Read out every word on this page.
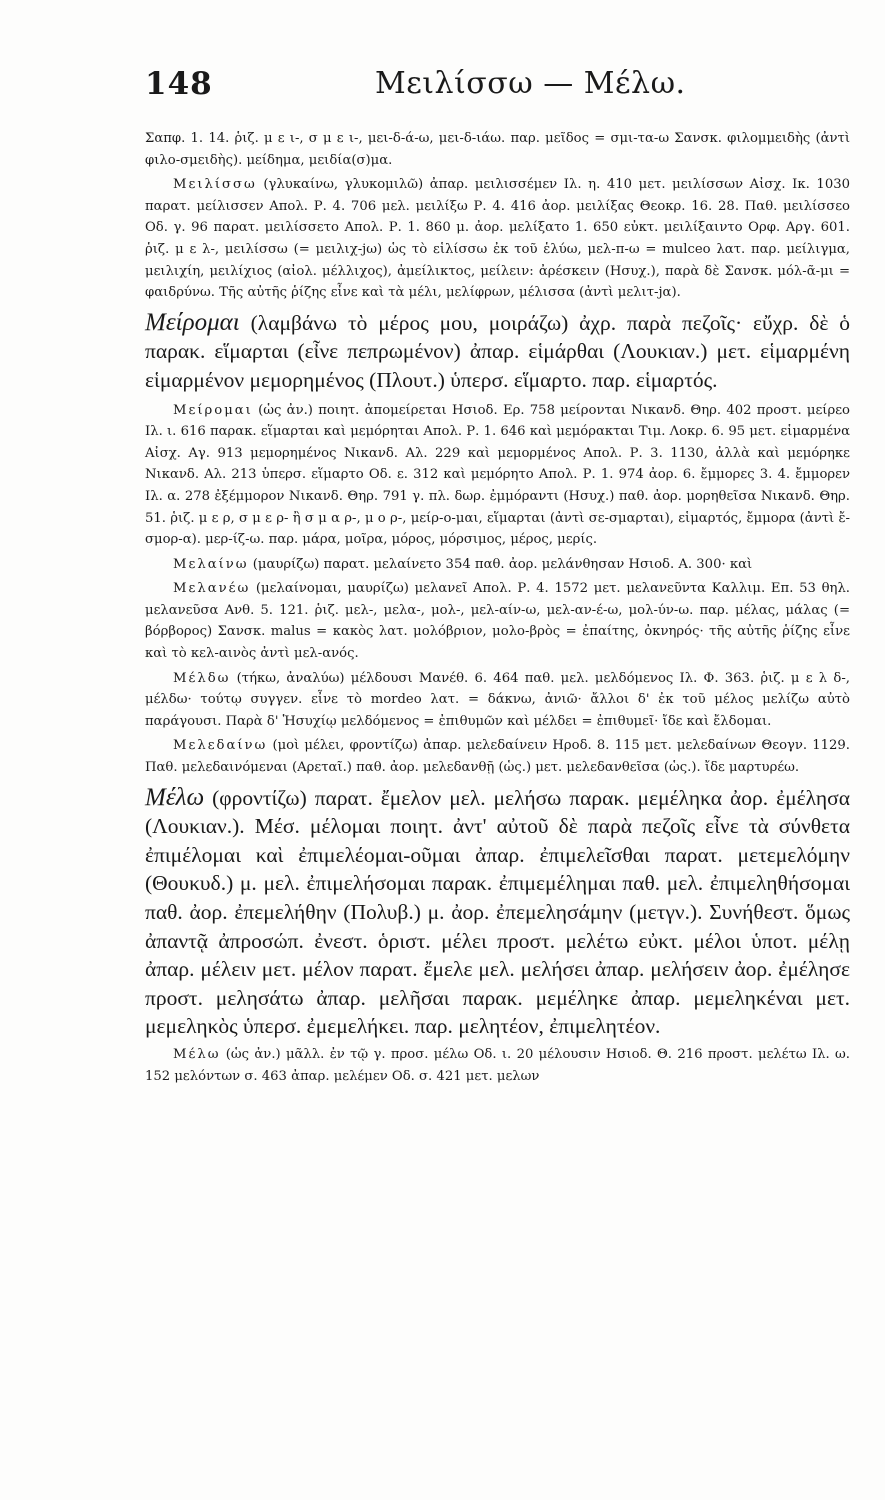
148	Μειλίσσω — Μέλω.

Σαπφ. 1. 14. ῥιζ. μ ε ι-, σ μ ε ι-, μει-δ-ά-ω, μει-δ-ιάω. παρ. μεῖδος = σμι-τα-ω Σανσκ. φιλομμειδὴς (ἀντὶ φιλο-σμειδὴς). μείδημα, μειδία(σ)μα.

Μειλίσσω (γλυκαίνω, γλυκομιλῶ) ἀπαρ. μειλισσέμεν Ιλ. η. 410 μετ. μειλίσσων Αἰσχ. Ικ. 1030 παρατ. μείλισσεν Απολ. Ρ. 4. 706 μελ. μειλίξω Ρ. 4. 416 ἀορ. μειλίξας Θεοκρ. 16. 28. Παθ. μειλίσσεο Οδ. γ. 96 παρατ. μειλίσσετο Απολ. Ρ. 1. 860 μ. ἀορ. μελίξατο 1. 650 εὐκτ. μειλίξαιντο Ορφ. Αργ. 601. ῥιζ. μ ε λ-, μειλίσσω (= μειλιχ-jω) ὡς τὸ εἱλίσσω ἐκ τοῦ ἑλύω, μελ-π-ω = mulceo λατ. παρ. μείλιγμα, μειλιχίη, μειλίχιος (αἰολ. μέλλιχος), ἀμείλικτος, μείλειν: ἀρέσκειν (Ησυχ.), παρὰ δὲ Σανσκ. μόλ-ᾶ-μι = φαιδρύνω. Τῆς αὐτῆς ῥίζης εἶνε καὶ τὰ μέλι, μελίφρων, μέλισσα (ἀντὶ μελιτ-jα).

Μείρομαι (λαμβάνω τὸ μέρος μου, μοιράζω) ἀχρ. παρὰ πεζοῖς· εὔχρ. δὲ ὁ παρακ. εἵμαρται (εἶνε πεπρωμένον) ἀπαρ. εἱμάρθαι (Λουκιαν.) μετ. εἱμαρμένη εἱμαρμένον μεμορημένος (Πλουτ.) ὑπερσ. εἵμαρτο. παρ. εἱμαρτός.

Μείρομαι (ὡς ἀν.) ποιητ. ἀπομείρεται Ησιοδ. Ερ. 758 μείρονται Νικανδ. Θηρ. 402 προστ. μείρεο Ιλ. ι. 616 παρακ. εἵμαρται καὶ μεμόρηται Απολ. Ρ. 1. 646 καὶ μεμόρακται Τιμ. Λοκρ. 6. 95 μετ. εἱμαρμένα Αἰσχ. Αγ. 913 μεμορημένος Νικανδ. Αλ. 229 καὶ μεμορμένος Απολ. Ρ. 3. 1130, ἀλλὰ καὶ μεμόρηκε Νικανδ. Αλ. 213 ὑπερσ. εἵμαρτο Οδ. ε. 312 καὶ μεμόρητο Απολ. Ρ. 1. 974 ἀορ. 6. ἔμμορες 3. 4. ἔμμορεν Ιλ. α. 278 ἐξέμμορον Νικανδ. Θηρ. 791 γ. πλ. δωρ. ἐμμόραντι (Ησυχ.) παθ. ἀορ. μορηθεῖσα Νικανδ. Θηρ. 51. ῥιζ. μ ε ρ, σ μ ε ρ- ἢ σ μ α ρ-, μ ο ρ-, μείρ-ο-μαι, εἵμαρται (ἀντὶ σε-σμαρται), εἱμαρτός, ἔμμορα (ἀντὶ ἔ-σμορ-α). μερ-ίζ-ω. παρ. μάρα, μοῖρα, μόρος, μόρσιμος, μέρος, μερίς.

Μελαίνω (μαυρίζω) παρατ. μελαίνετο 354 παθ. ἀορ. μελάνθησαν Ησιοδ. Α. 300· καὶ

Μελανέω (μελαίνομαι, μαυρίζω) μελανεῖ Απολ. Ρ. 4. 1572 μετ. μελανεῦντα Καλλιμ. Επ. 53 θηλ. μελανεῦσα Ανθ. 5. 121. ῥιζ. μελ-, μελα-, μολ-, μελ-αίν-ω, μελ-αν-έ-ω, μολ-ύν-ω. παρ. μέλας, μάλας (= βόρβορος) Σανσκ. malus = κακὸς λατ. μολόβριον, μολο-βρὸς = ἐπαίτης, ὀκνηρός· τῆς αὐτῆς ῥίζης εἶνε καὶ τὸ κελ-αινὸς ἀντὶ μελ-ανός.

Μέλδω (τήκω, ἀναλύω) μέλδουσι Μανέθ. 6. 464 παθ. μελ. μελδόμενος Ιλ. Φ. 363. ῥιζ. μ ε λ δ-, μέλδω· τούτῳ συγγεν. εἶνε τὸ mordeo λατ. = δάκνω, ἀνιῶ· ἄλλοι δ' ἐκ τοῦ μέλος μελίζω αὐτὸ παράγουσι. Παρὰ δ' Ἡσυχίῳ μελδόμενος = ἐπιθυμῶν καὶ μέλδει = ἐπιθυμεῖ· ἴδε καὶ ἔλδομαι.

Μελεδαίνω (μοὶ μέλει, φροντίζω) ἀπαρ. μελεδαίνειν Ηροδ. 8. 115 μετ. μελεδαίνων Θεογν. 1129. Παθ. μελεδαινόμεναι (Αρεταῖ.) παθ. ἀορ. μελεδανθῇ (ὡς.) μετ. μελεδανθεῖσα (ὡς.). ἴδε μαρτυρέω.

Μέλω (φροντίζω) παρατ. ἔμελον μελ. μελήσω παρακ. μεμέληκα ἀορ. ἐμέλησα (Λουκιαν.). Μέσ. μέλομαι ποιητ. ἀντ' αὐτοῦ δὲ παρὰ πεζοῖς εἶνε τὰ σύνθετα ἐπιμέλομαι καὶ ἐπιμελέομαι-οῦμαι ἀπαρ. ἐπιμελεῖσθαι παρατ. μετεμελόμην (Θουκυδ.) μ. μελ. ἐπιμελήσομαι παρακ. ἐπιμεμέλημαι παθ. μελ. ἐπιμεληθήσομαι παθ. ἀορ. ἐπεμελήθην (Πολυβ.) μ. ἀορ. ἐπεμελησάμην (μετγν.). Συνήθεστ. ὅμως ἀπαντᾷ ἀπροσώπ. ἐνεστ. ὁριστ. μέλει προστ. μελέτω εὐκτ. μέλοι ὑποτ. μέλῃ ἀπαρ. μέλειν μετ. μέλον παρατ. ἔμελε μελ. μελήσει ἀπαρ. μελήσειν ἀορ. ἐμέλησε προστ. μελησάτω ἀπαρ. μελῆσαι παρακ. μεμέληκε ἀπαρ. μεμεληκέναι μετ. μεμεληκὸς ὑπερσ. ἐμεμελήκει. παρ. μελητέον, ἐπιμελητέον.

Μέλω (ὡς ἀν.) μᾶλλ. ἐν τῷ γ. προσ. μέλω Οδ. ι. 20 μέλουσιν Ησιοδ. Θ. 216 προστ. μελέτω Ιλ. ω. 152 μελόντων σ. 463 ἀπαρ. μελέμεν Οδ. σ. 421 μετ. μελων
